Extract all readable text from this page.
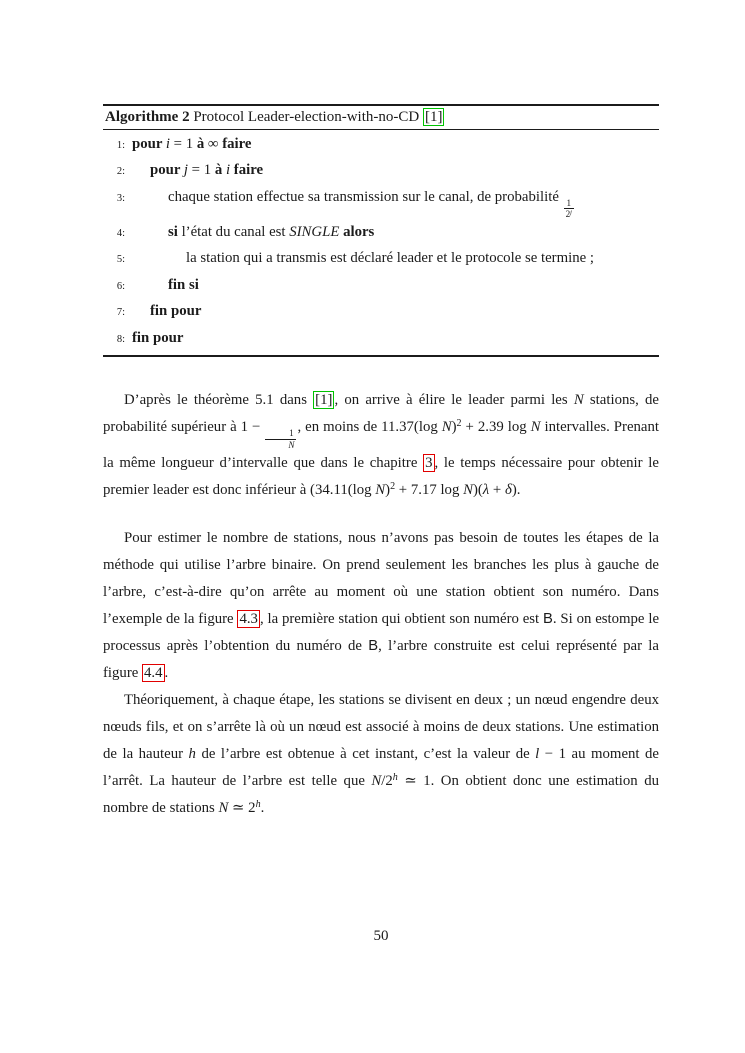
Algorithme 2 Protocol Leader-election-with-no-CD [1]
1: pour i = 1 à ∞ faire
2:	pour j = 1 à i faire
3:	chaque station effectue sa transmission sur le canal, de probabilité
$\frac{1}{2^j}$
4:	si l’état du canal est SINGLE alors
5:	la station qui a transmis est déclaré leader et le protocole se termine ;
6:	fin si
7:	fin pour
8: fin pour

D’après le théorème 5.1 dans [1] , on arrive à élire le leader parmi les N stations, de probabilité supérieur à 1 −
$\frac{1}{N}$
, en moins de 11.37(log N)$^2$ + 2.39 log N intervalles. Prenant la même longueur d’intervalle que dans le chapitre 3 , le temps nécessaire pour obtenir le premier leader est donc inférieur à (34.11(log N)$^2$ + 7.17 log N)(λ + δ).

Pour estimer le nombre de stations, nous n’avons pas besoin de toutes les étapes de la méthode qui utilise l’arbre binaire. On prend seulement les branches les plus à gauche de l’arbre, c’est-à-dire qu’on arrête au moment où une station obtient son numéro. Dans l’exemple de la figure 4.3 , la première station qui obtient son numéro est B. Si on estompe le processus après l’obtention du numéro de B, l’arbre construite est celui représenté par la figure 4.4 .

Théoriquement, à chaque étape, les stations se divisent en deux ; un nœud engendre deux nœuds fils, et on s’arrête là où un nœud est associé à moins de deux stations. Une estimation de la hauteur h de l’arbre est obtenue à cet instant, c’est la valeur de l − 1 au moment de l’arrêt. La hauteur de l’arbre est telle que N/2$^h$ ≃ 1. On obtient donc une estimation du nombre de stations N ≃ 2$^h$.

50
